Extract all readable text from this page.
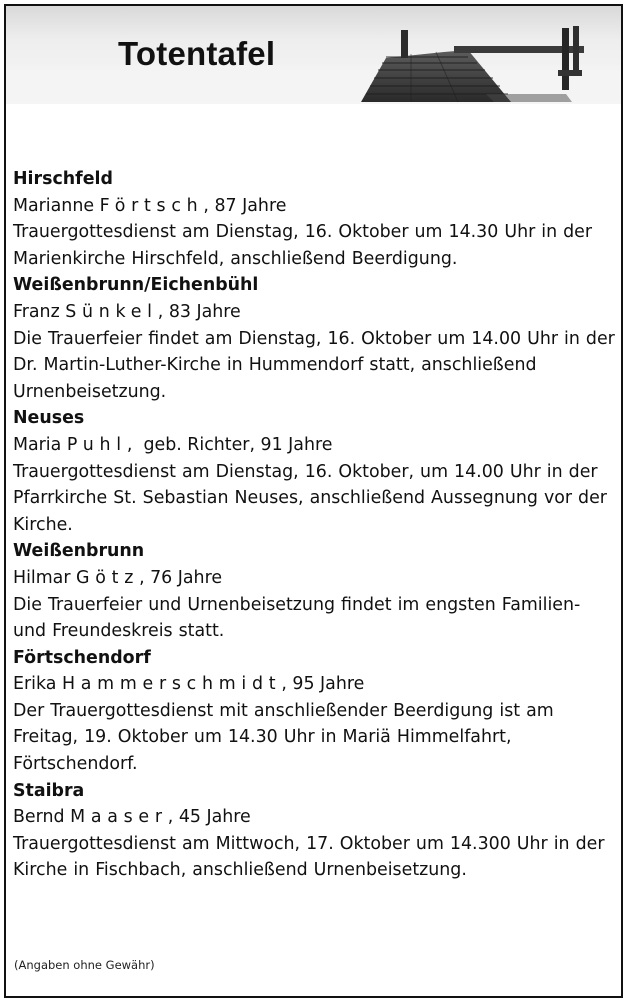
Totentafel
Hirschfeld
Marianne Förtsch, 87 Jahre
Trauergottesdienst am Dienstag, 16. Oktober um 14.30 Uhr in der Marienkirche Hirschfeld, anschließend Beerdigung.
Weißenbrunn/Eichenbühl
Franz Sünkel, 83 Jahre
Die Trauerfeier findet am Dienstag, 16. Oktober um 14.00 Uhr in der Dr. Martin-Luther-Kirche in Hummendorf statt, anschließend Urnenbeisetzung.
Neuses
Maria Puhl,  geb. Richter, 91 Jahre
Trauergottesdienst am Dienstag, 16. Oktober, um 14.00 Uhr in der Pfarrkirche St. Sebastian Neuses, anschließend Aussegnung vor der Kirche.
Weißenbrunn
Hilmar Götz, 76 Jahre
Die Trauerfeier und Urnenbeisetzung findet im engsten Familien- und Freundeskreis statt.
Förtschendorf
Erika Hammerschmidt, 95 Jahre
Der Trauergottesdienst mit anschließender Beerdigung ist am Freitag, 19. Oktober um 14.30 Uhr in Mariä Himmelfahrt, Förtschendorf.
Staibra
Bernd Maaser, 45 Jahre
Trauergottesdienst am Mittwoch, 17. Oktober um 14.300 Uhr in der Kirche in Fischbach, anschließend Urnenbeisetzung.
(Angaben ohne Gewähr)
